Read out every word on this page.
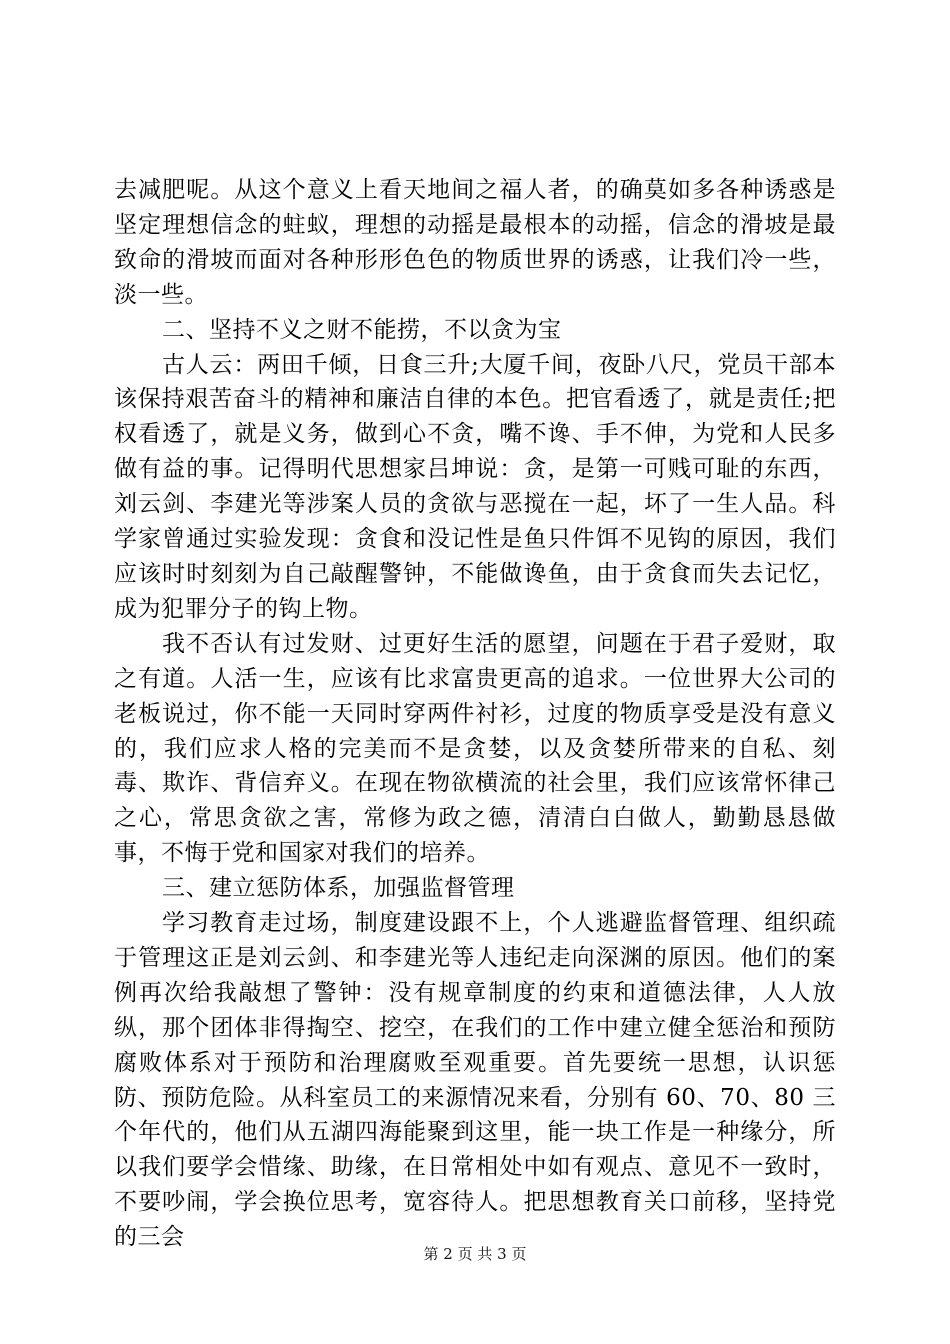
去减肥呢。从这个意义上看天地间之福人者，的确莫如多各种诱惑是坚定理想信念的蛀蚁，理想的动摇是最根本的动摇，信念的滑坡是最致命的滑坡而面对各种形形色色的物质世界的诱惑，让我们冷一些，淡一些。

二、坚持不义之财不能捞，不以贪为宝

古人云：两田千倾，日食三升;大厦千间，夜卧八尺，党员干部本该保持艰苦奋斗的精神和廉洁自律的本色。把官看透了，就是责任;把权看透了，就是义务，做到心不贪，嘴不谗、手不伸，为党和人民多做有益的事。记得明代思想家吕坤说：贪，是第一可贱可耻的东西，刘云剑、李建光等涉案人员的贪欲与恶搅在一起，坏了一生人品。科学家曾通过实验发现：贪食和没记性是鱼只件饵不见钩的原因，我们应该时时刻刻为自己敲醒警钟，不能做谗鱼，由于贪食而失去记忆，成为犯罪分子的钩上物。

我不否认有过发财、过更好生活的愿望，问题在于君子爱财，取之有道。人活一生，应该有比求富贵更高的追求。一位世界大公司的老板说过，你不能一天同时穿两件衬衫，过度的物质享受是没有意义的，我们应求人格的完美而不是贪婪，以及贪婪所带来的自私、刻毒、欺诈、背信弃义。在现在物欲横流的社会里，我们应该常怀律己之心，常思贪欲之害，常修为政之德，清清白白做人，勤勤恳恳做事，不悔于党和国家对我们的培养。

三、建立惩防体系，加强监督管理

学习教育走过场，制度建设跟不上，个人逃避监督管理、组织疏于管理这正是刘云剑、和李建光等人违纪走向深渊的原因。他们的案例再次给我敲想了警钟：没有规章制度的约束和道德法律，人人放纵，那个团体非得掏空、挖空，在我们的工作中建立健全惩治和预防腐败体系对于预防和治理腐败至观重要。首先要统一思想，认识惩防、预防危险。从科室员工的来源情况来看，分别有 60、70、80 三个年代的，他们从五湖四海能聚到这里，能一块工作是一种缘分，所以我们要学会惜缘、助缘，在日常相处中如有观点、意见不一致时，不要吵闹，学会换位思考，宽容待人。把思想教育关口前移，坚持党的三会

第 2 页 共 3 页
